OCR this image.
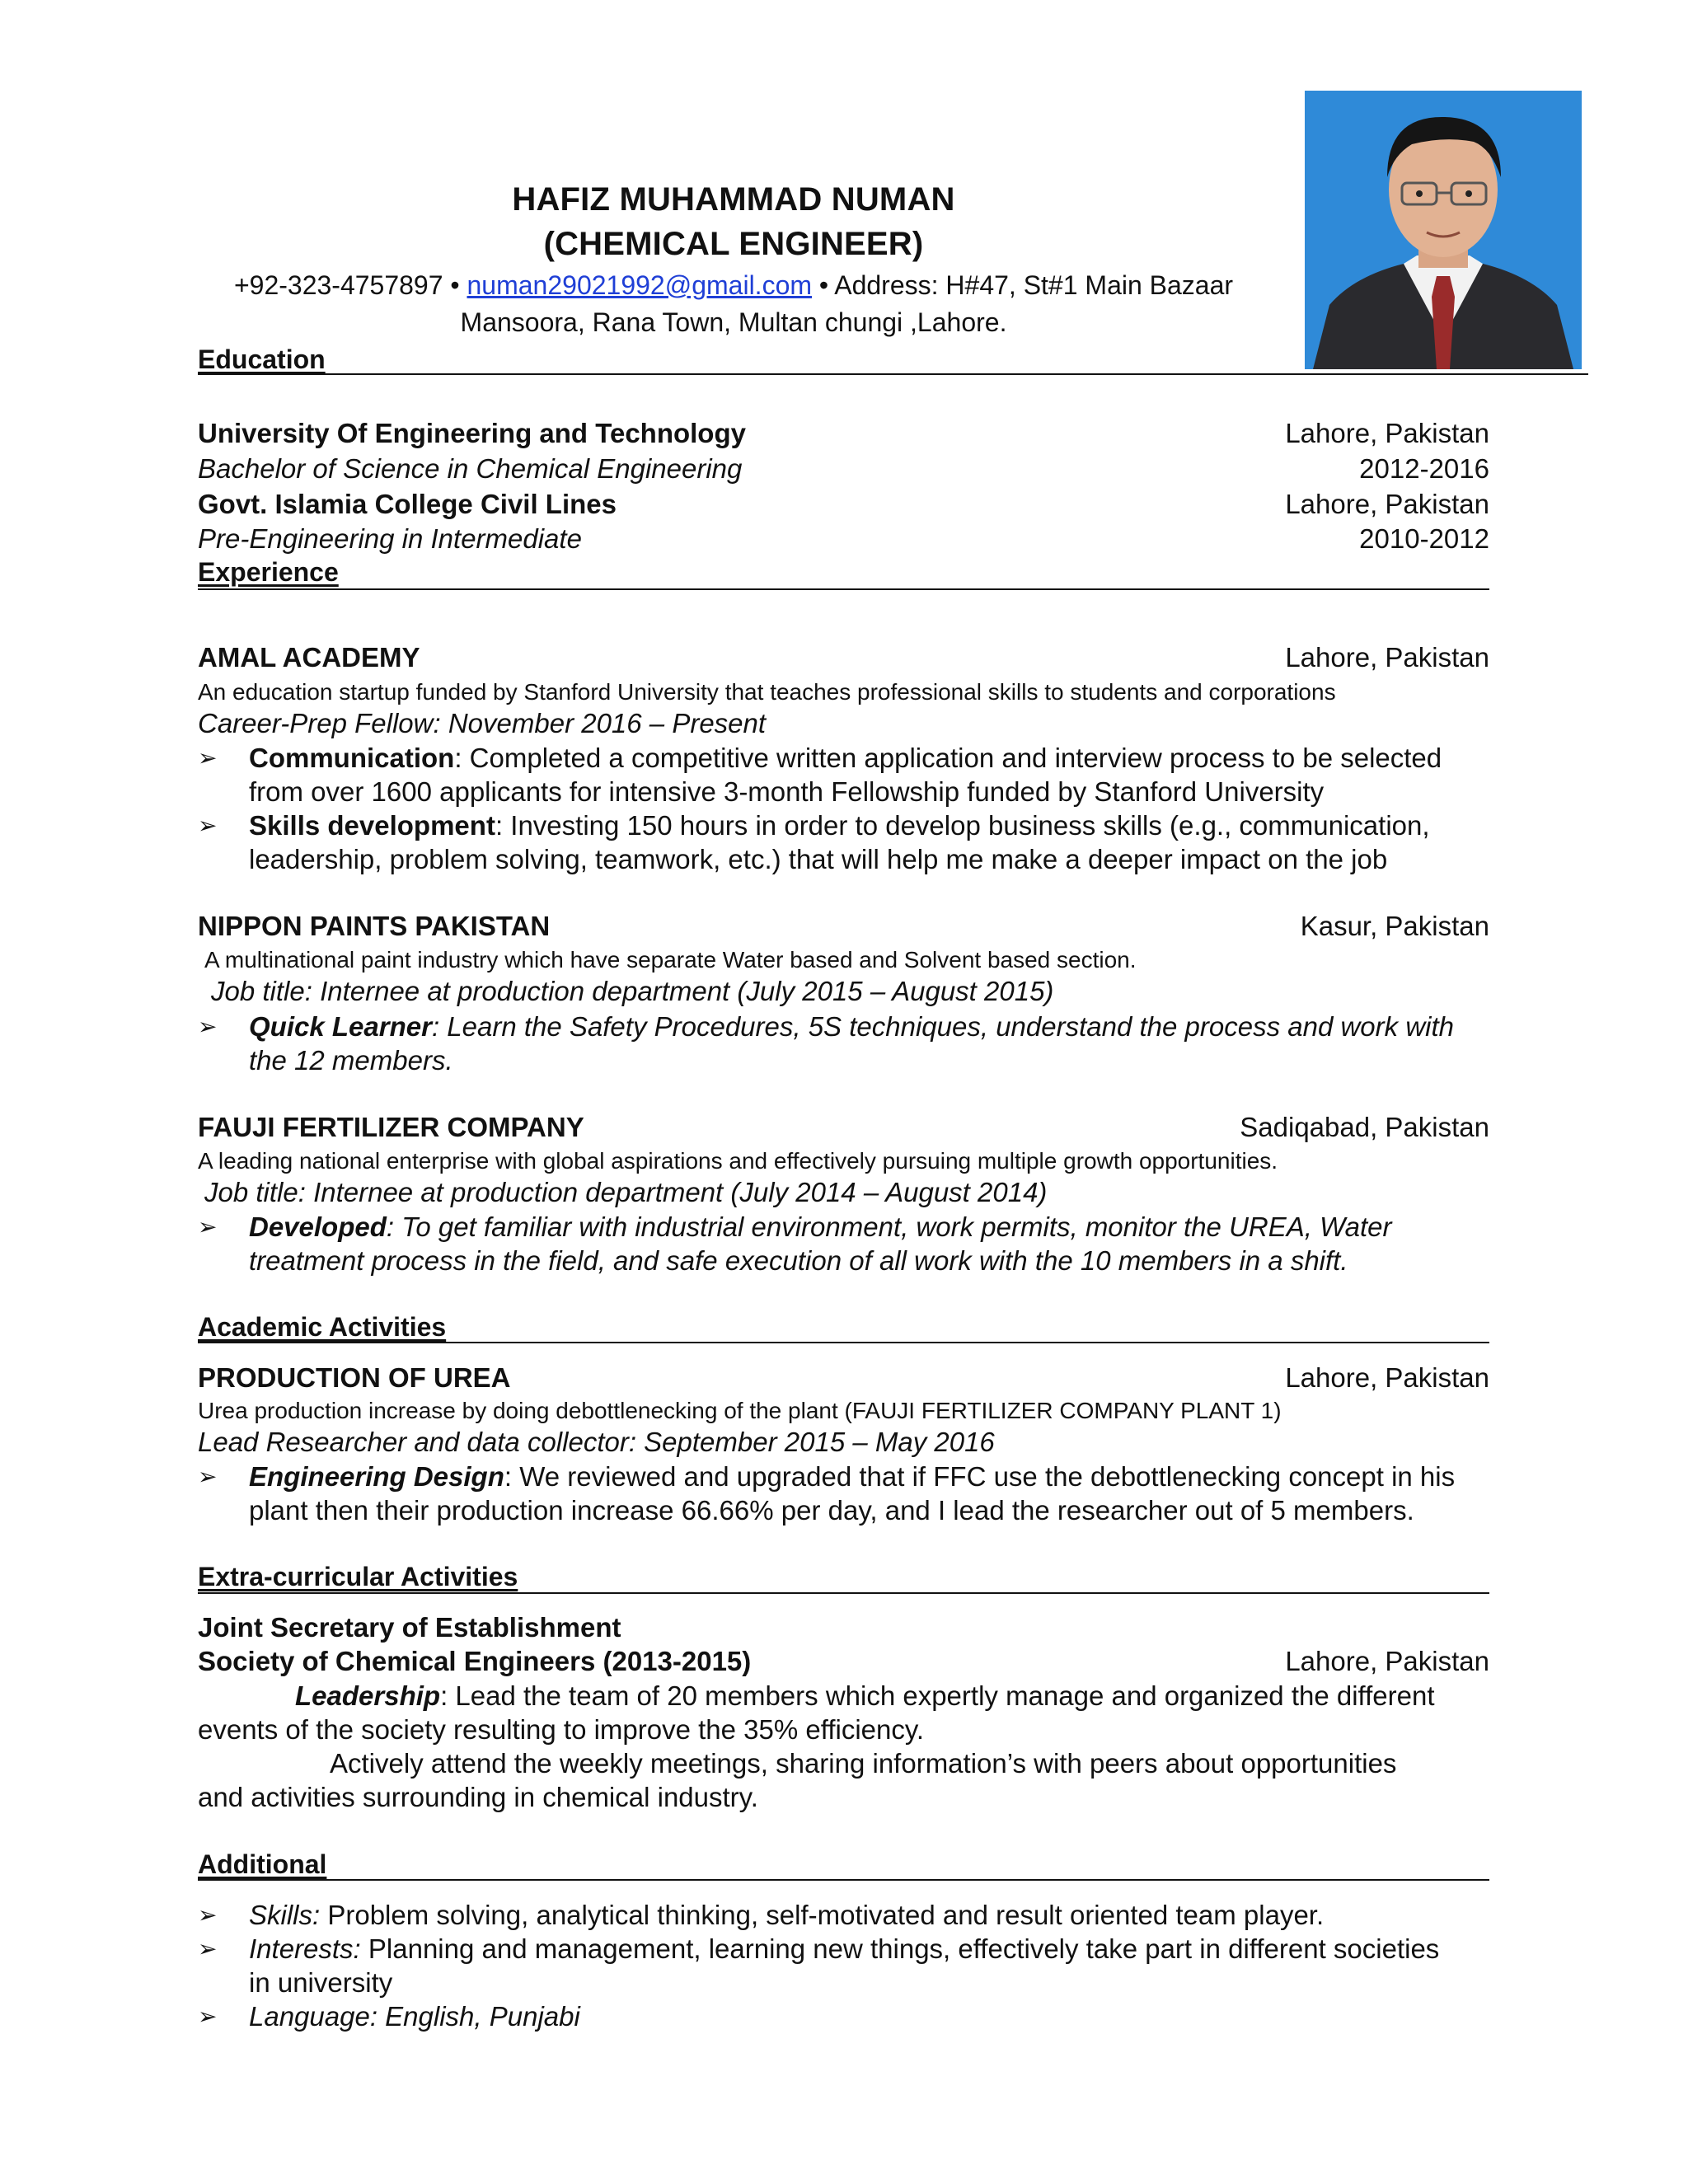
HAFIZ MUHAMMAD NUMAN
(CHEMICAL ENGINEER)
+92-323-4757897 • numan29021992@gmail.com • Address: H#47, St#1 Main Bazaar
Mansoora, Rana Town, Multan chungi ,Lahore.
Education
University Of Engineering and Technology	Lahore, Pakistan
Bachelor of Science in Chemical Engineering	2012-2016
Govt. Islamia College Civil Lines	Lahore, Pakistan
Pre-Engineering in Intermediate	2010-2012
Experience
AMAL ACADEMY	Lahore, Pakistan
An education startup funded by Stanford University that teaches professional skills to students and corporations
Career-Prep Fellow: November 2016 – Present
➢	Communication: Completed a competitive written application and interview process to be selected
from over 1600 applicants for intensive 3-month Fellowship funded by Stanford University
➢	Skills development: Investing 150 hours in order to develop business skills (e.g., communication,
leadership, problem solving, teamwork, etc.) that will help me make a deeper impact on the job
NIPPON PAINTS PAKISTAN	Kasur, Pakistan
A multinational paint industry which have separate Water based and Solvent based section.
Job title: Internee at production department (July 2015 – August 2015)
➢	Quick Learner: Learn the Safety Procedures, 5S techniques, understand the process and work with
the 12 members.
FAUJI FERTILIZER COMPANY	Sadiqabad, Pakistan
A leading national enterprise with global aspirations and effectively pursuing multiple growth opportunities.
Job title: Internee at production department (July 2014 – August 2014)
➢	Developed: To get familiar with industrial environment, work permits, monitor the UREA, Water
treatment process in the field, and safe execution of all work with the 10 members in a shift.
Academic Activities
PRODUCTION OF UREA	Lahore, Pakistan
Urea production increase by doing debottlenecking of the plant (FAUJI FERTILIZER COMPANY PLANT 1)
Lead Researcher and data collector: September 2015 – May 2016
➢	Engineering Design: We reviewed and upgraded that if FFC use the debottlenecking concept in his
plant then their production increase 66.66% per day, and I lead the researcher out of 5 members.
Extra-curricular Activities
Joint Secretary of Establishment
Society of Chemical Engineers (2013-2015)	Lahore, Pakistan
Leadership: Lead the team of 20 members which expertly manage and organized the different
events of the society resulting to improve the 35% efficiency.
Actively attend the weekly meetings, sharing information’s with peers about opportunities
and activities surrounding in chemical industry.
Additional
➢	Skills: Problem solving, analytical thinking, self-motivated and result oriented team player.
➢	Interests: Planning and management, learning new things, effectively take part in different societies
in university
➢	Language: English, Punjabi
